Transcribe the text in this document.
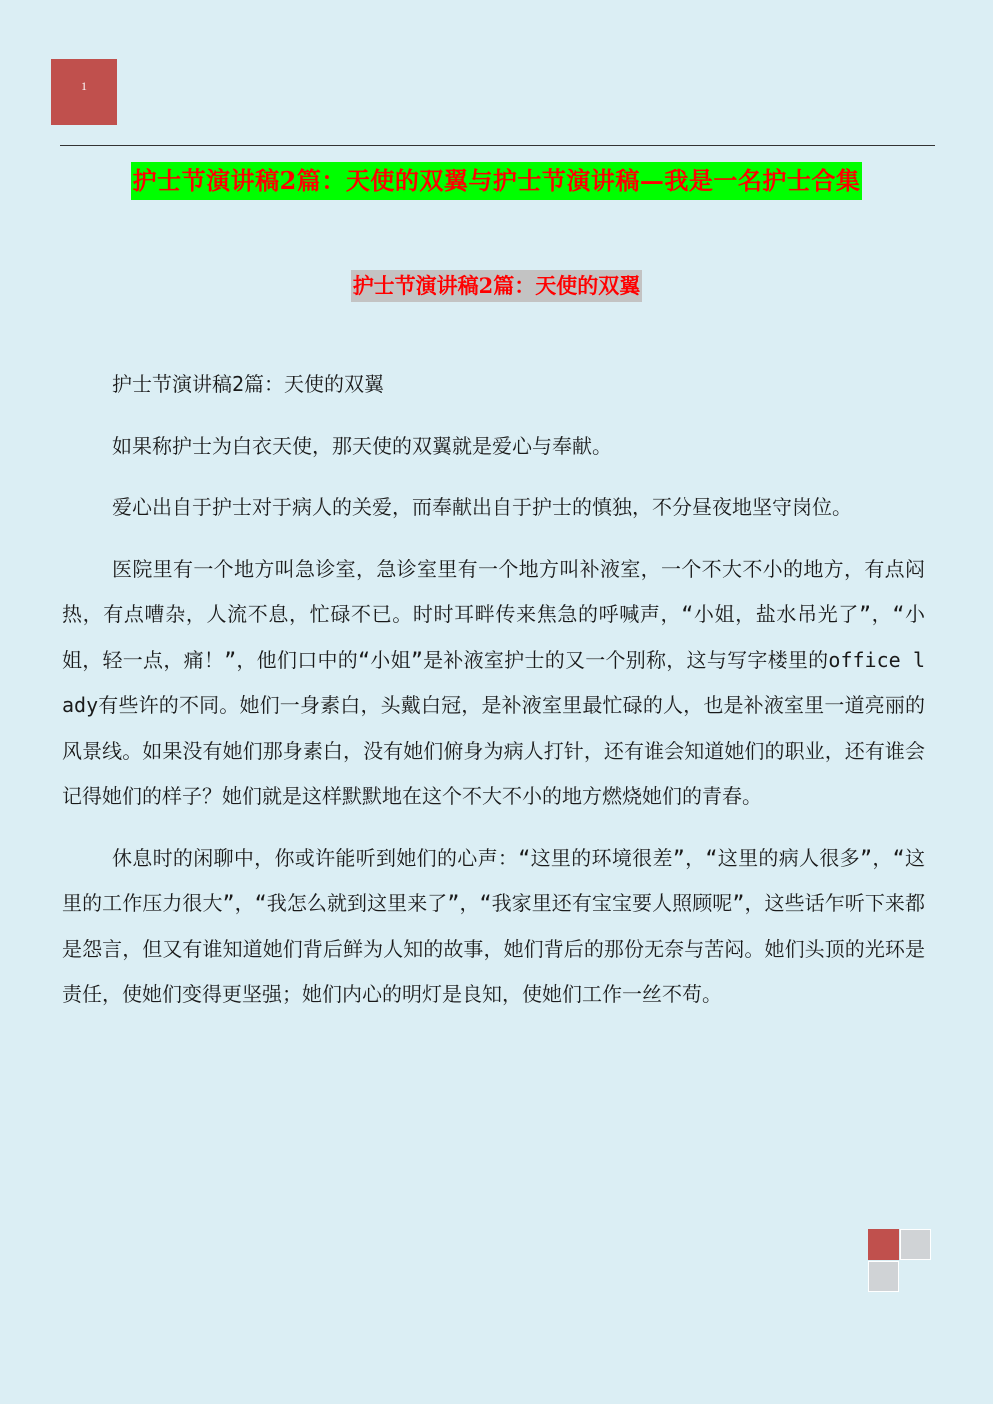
1
护士节演讲稿2篇：天使的双翼与护士节演讲稿—我是一名护士合集
护士节演讲稿2篇：天使的双翼

护士节演讲稿2篇：天使的双翼

如果称护士为白衣天使，那天使的双翼就是爱心与奉献。

爱心出自于护士对于病人的关爱，而奉献出自于护士的慎独，不分昼夜地坚守岗位。

医院里有一个地方叫急诊室，急诊室里有一个地方叫补液室，一个不大不小的地方，有点闷热，有点嘈杂，人流不息，忙碌不已。时时耳畔传来焦急的呼喊声，“小姐，盐水吊光了”，“小姐，轻一点，痛！”，他们口中的“小姐”是补液室护士的又一个别称，这与写字楼里的office lady有些许的不同。她们一身素白，头戴白冠，是补液室里最忙碌的人，也是补液室里一道亮丽的风景线。如果没有她们那身素白，没有她们俯身为病人打针，还有谁会知道她们的职业，还有谁会记得她们的样子？她们就是这样默默地在这个不大不小的地方燃烧她们的青春。

休息时的闲聊中，你或许能听到她们的心声：“这里的环境很差”，“这里的病人很多”，“这里的工作压力很大”，“我怎么就到这里来了”，“我家里还有宝宝要人照顾呢”，这些话乍听下来都是怨言，但又有谁知道她们背后鲜为人知的故事，她们背后的那份无奈与苦闷。她们头顶的光环是责任，使她们变得更坚强；她们内心的明灯是良知，使她们工作一丝不苟。
